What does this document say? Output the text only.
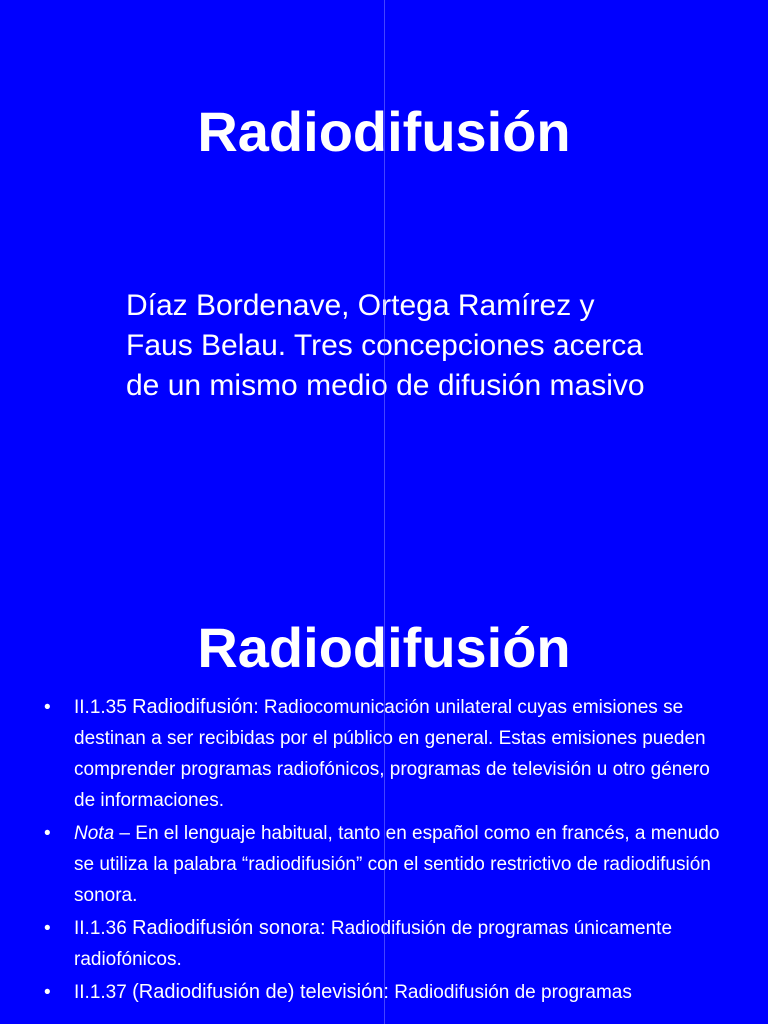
Radiodifusión

Díaz Bordenave, Ortega Ramírez y Faus Belau. Tres concepciones acerca de un mismo medio de difusión masivo

Radiodifusión
• II.1.35 Radiodifusión: Radiocomunicación unilateral cuyas emisiones se destinan a ser recibidas por el público en general. Estas emisiones pueden comprender programas radiofónicos, programas de televisión u otro género de informaciones.
• Nota – En el lenguaje habitual, tanto en español como en francés, a menudo se utiliza la palabra “radiodifusión” con el sentido restrictivo de radiodifusión sonora.
• II.1.36 Radiodifusión sonora: Radiodifusión de programas únicamente radiofónicos.
• II.1.37 (Radiodifusión de) televisión: Radiodifusión de programas
